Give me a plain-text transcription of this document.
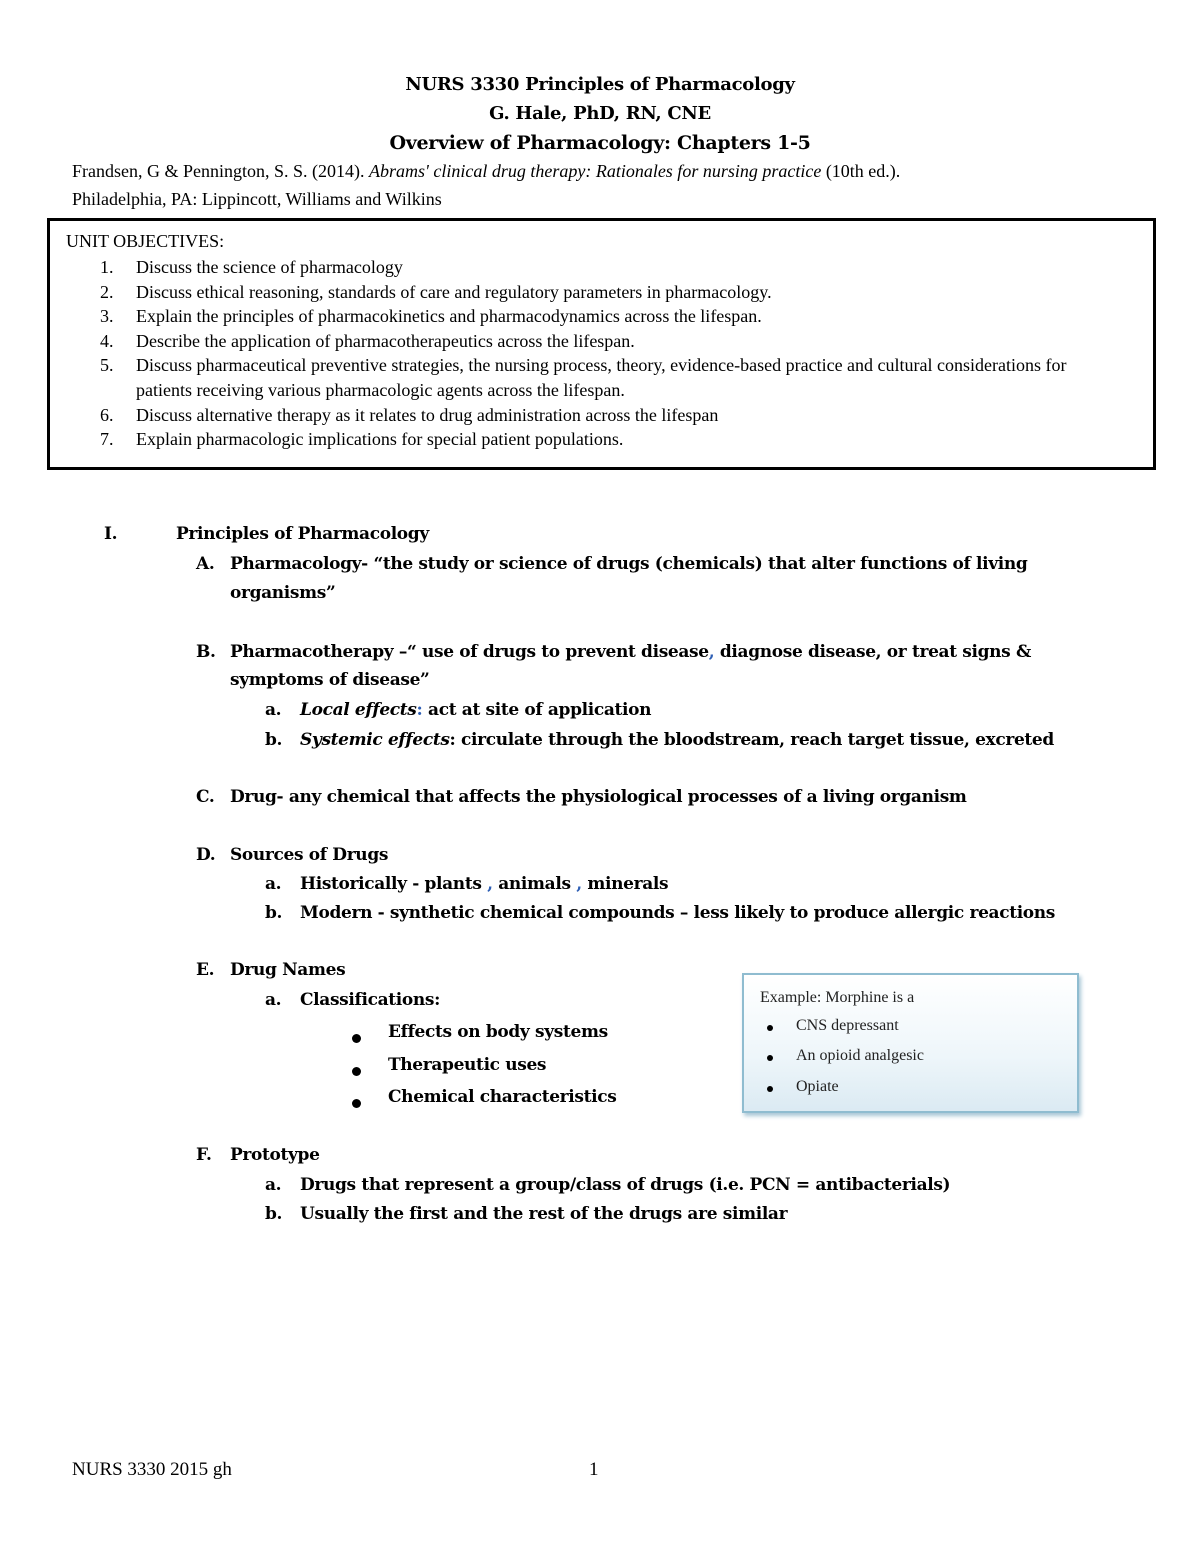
NURS 3330 Principles of Pharmacology
G. Hale, PhD, RN, CNE
Overview of Pharmacology: Chapters 1-5
Frandsen, G & Pennington, S. S. (2014). Abrams' clinical drug therapy: Rationales for nursing practice (10th ed.).
Philadelphia, PA: Lippincott, Williams and Wilkins
UNIT OBJECTIVES:
1. Discuss the science of pharmacology
2. Discuss ethical reasoning, standards of care and regulatory parameters in pharmacology.
3. Explain the principles of pharmacokinetics and pharmacodynamics across the lifespan.
4. Describe the application of pharmacotherapeutics across the lifespan.
5. Discuss pharmaceutical preventive strategies, the nursing process, theory, evidence-based practice and cultural considerations for patients receiving various pharmacologic agents across the lifespan.
6. Discuss alternative therapy as it relates to drug administration across the lifespan
7. Explain pharmacologic implications for special patient populations.
I.	Principles of Pharmacology
A. Pharmacology- “the study or science of drugs (chemicals) that alter functions of living
organisms”
B. Pharmacotherapy –“ use of drugs to prevent disease, diagnose disease, or treat signs &
symptoms of disease”
a. Local effects: act at site of application
b. Systemic effects: circulate through the bloodstream, reach target tissue, excreted
C. Drug- any chemical that affects the physiological processes of a living organism
D. Sources of Drugs
a. Historically - plants , animals , minerals
b. Modern - synthetic chemical compounds – less likely to produce allergic reactions
E. Drug Names
a. Classifications:
Effects on body systems
Therapeutic uses
Chemical characteristics
F. Prototype
a. Drugs that represent a group/class of drugs (i.e. PCN = antibacterials)
b. Usually the first and the rest of the drugs are similar
Example: Morphine is a
CNS depressant
An opioid analgesic
Opiate
NURS 3330 2015 gh	1
